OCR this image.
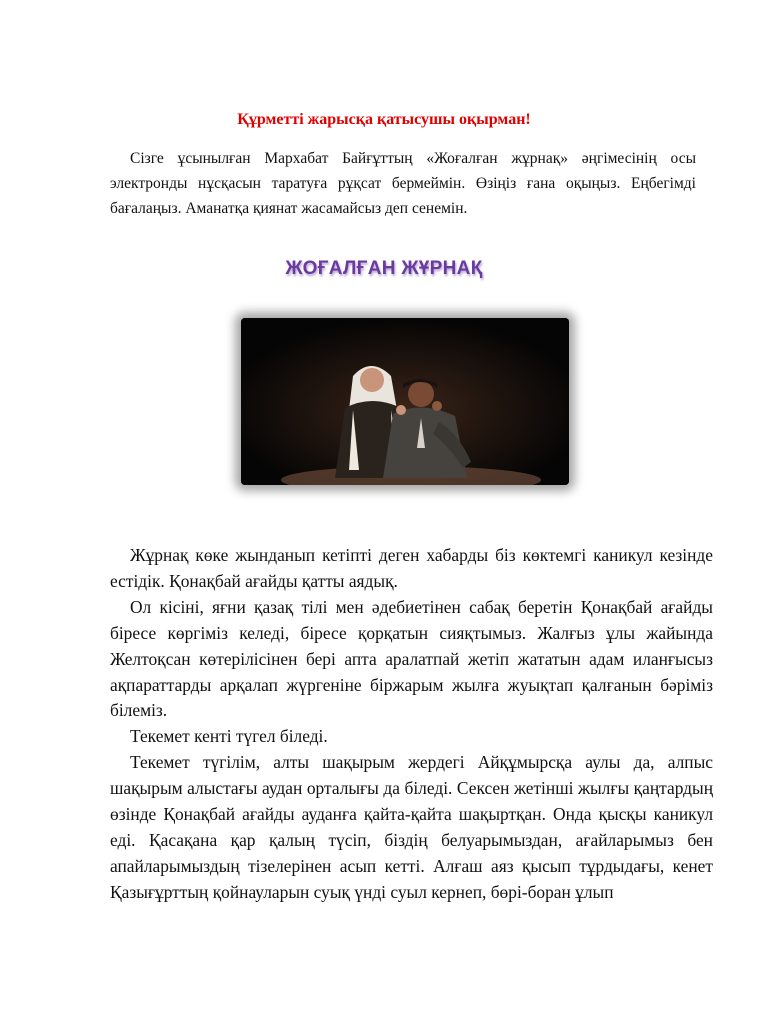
Құрметті жарысқа қатысушы оқырман!

Сізге ұсынылған Мархабат Байғұттың «Жоғалған жұрнақ» әңгімесінің осы электронды нұсқасын таратуға рұқсат бермеймін. Өзіңіз ғана оқыңыз. Еңбегімді бағалаңыз. Аманатқа қиянат жасамайсыз деп сенемін.

ЖОҒАЛҒАН ЖҰРНАҚ

Жұрнақ көке жынданып кетіпті деген хабарды біз көктемгі каникул кезінде естідік. Қонақбай ағайды қатты аядық.

Ол кісіні, яғни қазақ тілі мен әдебиетінен сабақ беретін Қонақбай ағайды біресе көргіміз келеді, біресе қорқатын сияқтымыз. Жалғыз ұлы жайында Желтоқсан көтерілісінен бері апта аралатпай жетіп жататын адам иланғысыз ақпараттарды арқалап жүргеніне біржарым жылға жуықтап қалғанын бәріміз білеміз.

Текемет кенті түгел біледі.

Текемет түгілім, алты шақырым жердегі Айқұмырсқа аулы да, алпыс шақырым алыстағы аудан орталығы да біледі. Сексен жетінші жылғы қаңтардың өзінде Қонақбай ағайды ауданға қайта-қайта шақыртқан. Онда қысқы каникул еді. Қасақана қар қалың түсіп, біздің белуарымыздан, ағайларымыз бен апайларымыздың тізелерінен асып кетті. Алғаш аяз қысып тұрдыдағы, кенет Қазығұрттың қойнауларын суық үнді суыл кернеп, бөрі-боран ұлып
